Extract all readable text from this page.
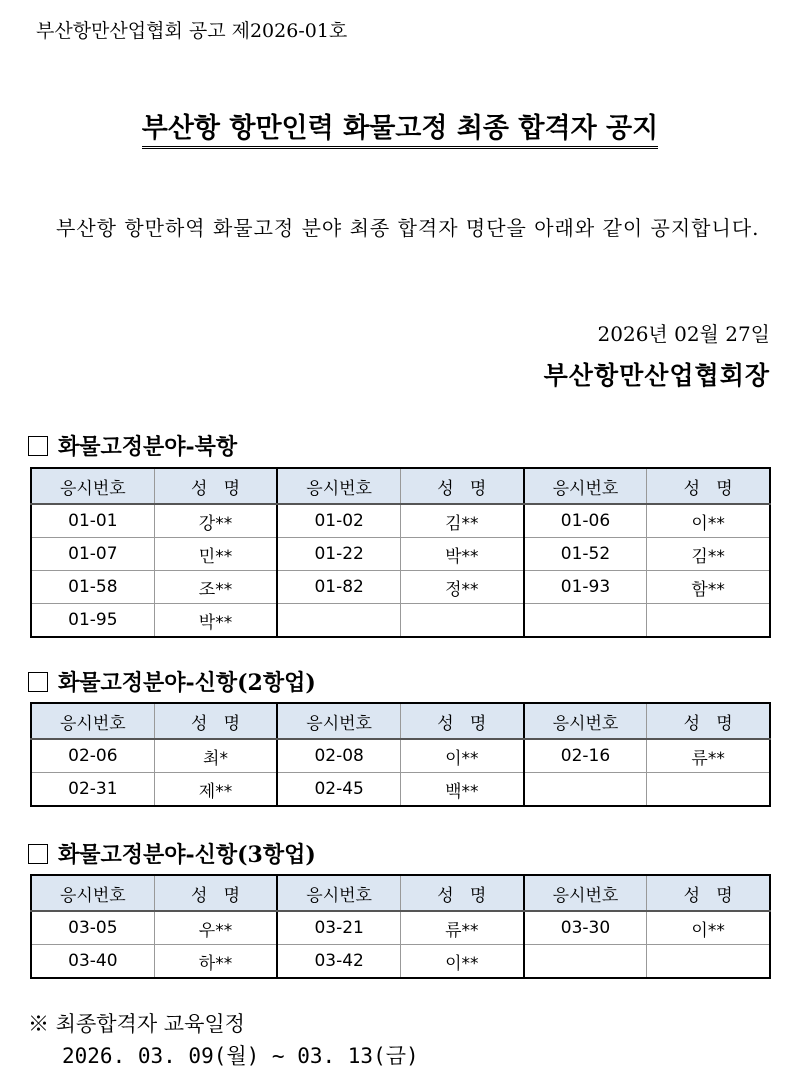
부산항만산업협회 공고 제2026-01호
부산항 항만인력 화물고정 최종 합격자 공지
부산항 항만하역 화물고정 분야 최종 합격자 명단을 아래와 같이 공지합니다.
2026년 02월 27일
부산항만산업협회장
화물고정분야-북항
응시번호	성   명	응시번호	성   명	응시번호	성   명
01-01	강**	01-02	김**	01-06	이**
01-07	민**	01-22	박**	01-52	김**
01-58	조**	01-82	정**	01-93	함**
01-95	박**				
화물고정분야-신항(2항업)
응시번호	성   명	응시번호	성   명	응시번호	성   명
02-06	최*	02-08	이**	02-16	류**
02-31	제**	02-45	백**		
화물고정분야-신항(3항업)
응시번호	성   명	응시번호	성   명	응시번호	성   명
03-05	우**	03-21	류**	03-30	이**
03-40	하**	03-42	이**		
※ 최종합격자 교육일정
2026. 03. 09(월) ~ 03. 13(금)
